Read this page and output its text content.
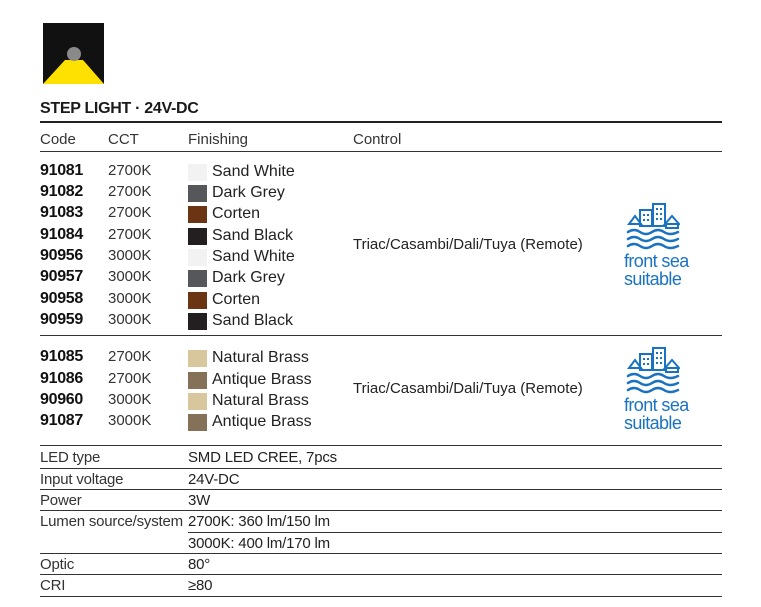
STEP LIGHT · 24V-DC
Code CCT	Finishing	Control
91081 2700K	Sand White
91082 2700K	Dark Grey
91083 2700K	Corten
91084 2700K	Sand Black
90956 3000K	Sand White
90957 3000K	Dark Grey
90958 3000K	Corten
90959 3000K	Sand Black
Triac/Casambi/Dali/Tuya (Remote)
front sea
suitable
91085 2700K	Natural Brass
91086 2700K	Antique Brass
90960 3000K	Natural Brass
91087 3000K	Antique Brass
Triac/Casambi/Dali/Tuya (Remote)
front sea
suitable
LED type	SMD LED CREE, 7pcs
Input voltage	24V-DC
Power	3W
Lumen source/system 2700K: 360 lm/150 lm
3000K: 400 lm/170 lm
Optic	80°
CRI	≥80
